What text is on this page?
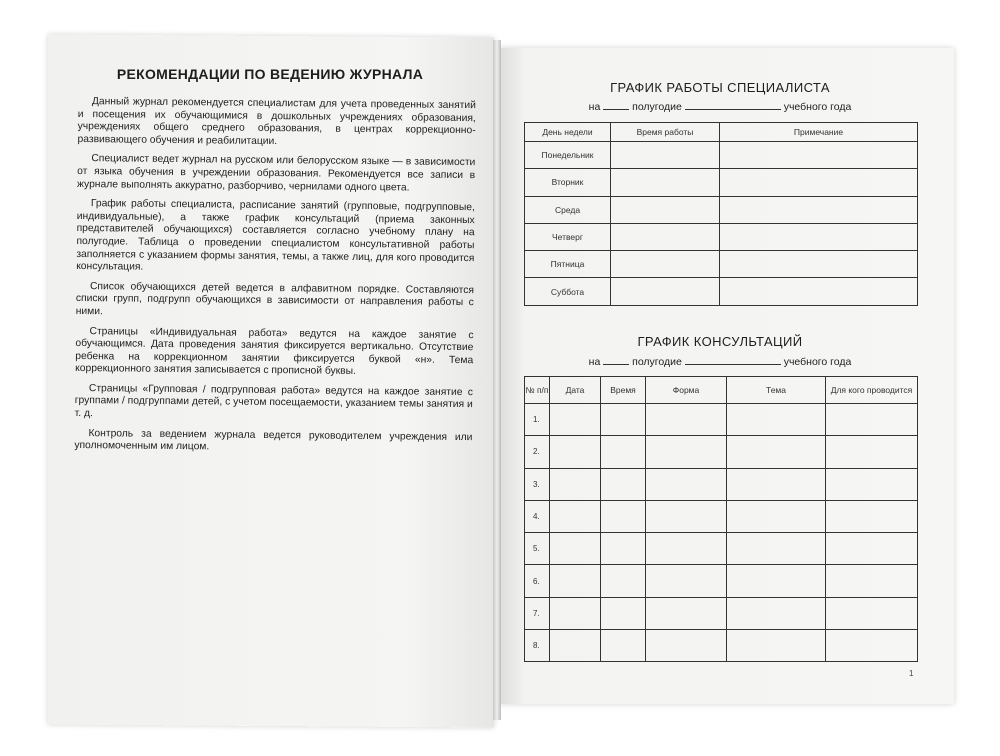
РЕКОМЕНДАЦИИ ПО ВЕДЕНИЮ ЖУРНАЛА

Данный журнал рекомендуется специалистам для учета проведенных занятий и посещения их обучающимися в дошкольных учреждениях образования, учреждениях общего среднего образования, в центрах коррекционно-развивающего обучения и реабилитации.

Специалист ведет журнал на русском или белорусском языке — в зависимости от языка обучения в учреждении образования. Рекомендуется все записи в журнале выполнять аккуратно, разборчиво, чернилами одного цвета.

График работы специалиста, расписание занятий (групповые, подгрупповые, индивидуальные), а также график консультаций (приема законных представителей обучающихся) составляется согласно учебному плану на полугодие. Таблица о проведении специалистом консультативной работы заполняется с указанием формы занятия, темы, а также лиц, для кого проводится консультация.

Список обучающихся детей ведется в алфавитном порядке. Составляются списки групп, подгрупп обучающихся в зависимости от направления работы с ними.

Страницы «Индивидуальная работа» ведутся на каждое занятие с обучающимся. Дата проведения занятия фиксируется вертикально. Отсутствие ребенка на коррекционном занятии фиксируется буквой «н». Тема коррекционного занятия записывается с прописной буквы.

Страницы «Групповая / подгрупповая работа» ведутся на каждое занятие с группами / подгруппами детей, с учетом посещаемости, указанием темы занятия и т. д.

Контроль за ведением журнала ведется руководителем учреждения или уполномоченным им лицом.

ГРАФИК РАБОТЫ СПЕЦИАЛИСТА
на	полугодие	учебного года
День недели	Время работы	Примечание
Понедельник		
Вторник		
Среда		
Четверг		
Пятница		
Суббота		
ГРАФИК КОНСУЛЬТАЦИЙ
на	полугодие	учебного года
№ п/п	Дата	Время	Форма	Тема	Для кого проводится
1.					
2.					
3.					
4.					
5.					
6.					
7.					
8.					
1
